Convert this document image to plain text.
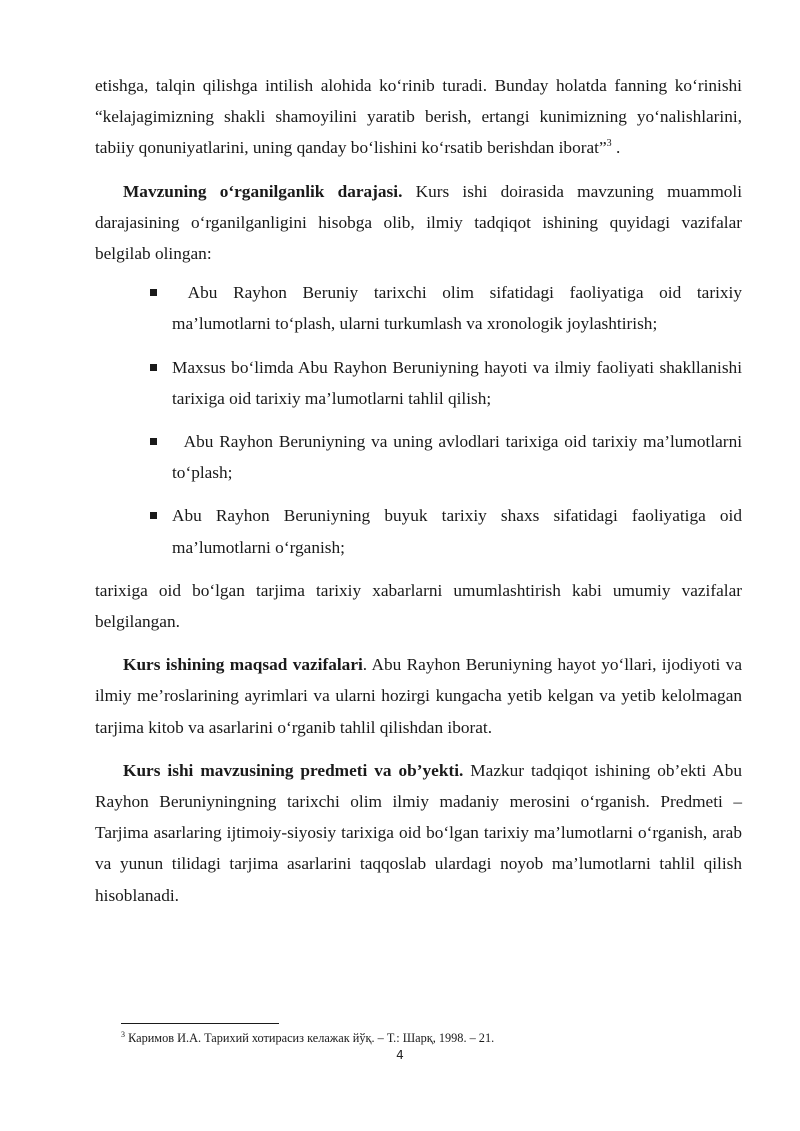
etishga, talqin qilishga intilish alohida ko‘rinib turadi. Bunday holatda fanning ko‘rinishi “kelajagimizning shakli shamoyilini yaratib berish, ertangi kunimizning yo‘nalishlarini, tabiiy qonuniyatlarini, uning qanday bo‘lishini ko‘rsatib berishdan iborat”$^3$ .

Mavzuning o‘rganilganlik darajasi. Kurs ishi doirasida mavzuning muammoli darajasining o‘rganilganligini hisobga olib, ilmiy tadqiqot ishining quyidagi vazifalar belgilab olingan:

Abu Rayhon Beruniy tarixchi olim sifatidagi faoliyatiga oid tarixiy ma’lumotlarni to‘plash, ularni turkumlash va xronologik joylashtirish;
Maxsus bo‘limda Abu Rayhon Beruniyning hayoti va ilmiy faoliyati shakllanishi tarixiga oid tarixiy ma’lumotlarni tahlil qilish;
Abu Rayhon Beruniyning va uning avlodlari tarixiga oid tarixiy ma’lumotlarni to‘plash;
Abu Rayhon Beruniyning buyuk tarixiy shaxs sifatidagi faoliyatiga oid ma’lumotlarni o‘rganish;

tarixiga oid bo‘lgan tarjima tarixiy xabarlarni umumlashtirish kabi umumiy vazifalar belgilangan.

Kurs ishining maqsad vazifalari. Abu Rayhon Beruniyning hayot yo‘llari, ijodiyoti va ilmiy me’roslarining ayrimlari va ularni hozirgi kungacha yetib kelgan va yetib kelolmagan tarjima kitob va asarlarini o‘rganib tahlil qilishdan iborat.

Kurs ishi mavzusining predmeti va ob’yekti. Mazkur tadqiqot ishining ob’ekti Abu Rayhon Beruniyningning tarixchi olim ilmiy madaniy merosini o‘rganish. Predmeti – Tarjima asarlaring ijtimoiy-siyosiy tarixiga oid bo‘lgan tarixiy ma’lumotlarni o‘rganish, arab va yunun tilidagi tarjima asarlarini taqqoslab ulardagi noyob ma’lumotlarni tahlil qilish hisoblanadi.

$^3$ Каримов И.А. Тарихий хотирасиз келажак йўқ. – Т.: Шарқ, 1998. – 21.
4
